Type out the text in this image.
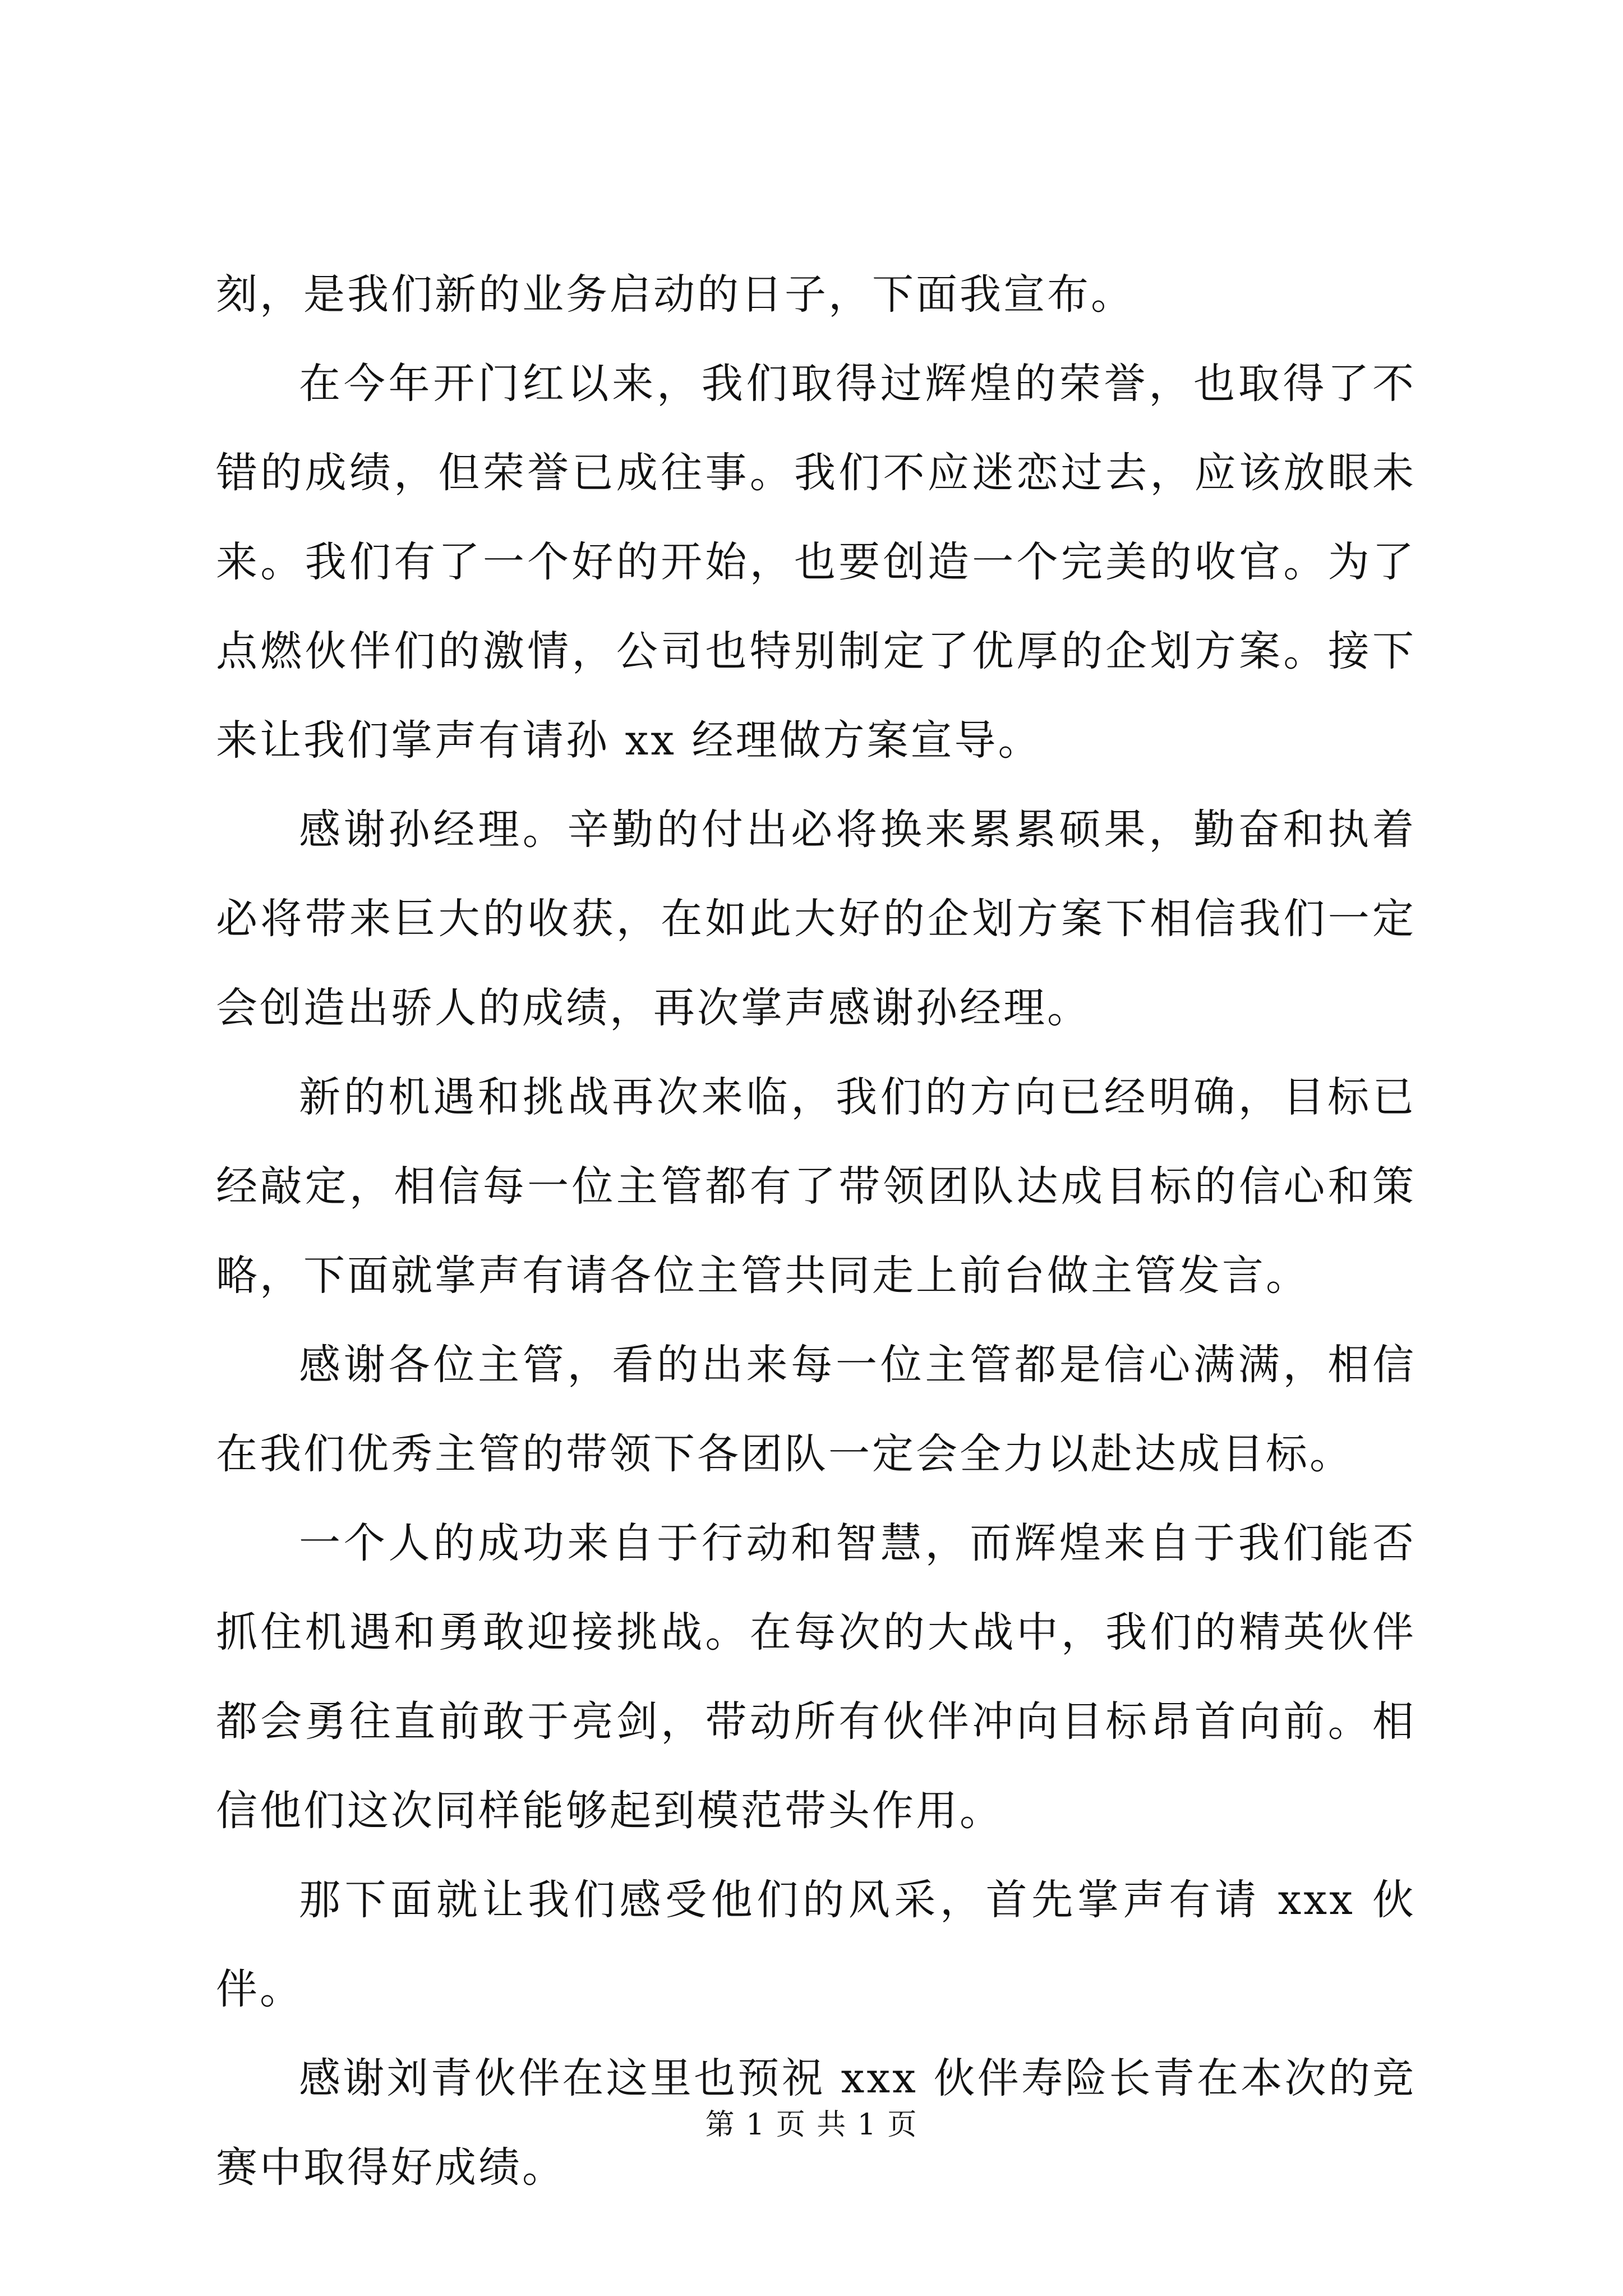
刻，是我们新的业务启动的日子，下面我宣布。

在今年开门红以来，我们取得过辉煌的荣誉，也取得了不错的成绩，但荣誉已成往事。我们不应迷恋过去，应该放眼未来。我们有了一个好的开始，也要创造一个完美的收官。为了点燃伙伴们的激情，公司也特别制定了优厚的企划方案。接下来让我们掌声有请孙 xx 经理做方案宣导。

感谢孙经理。辛勤的付出必将换来累累硕果，勤奋和执着必将带来巨大的收获，在如此大好的企划方案下相信我们一定会创造出骄人的成绩，再次掌声感谢孙经理。

新的机遇和挑战再次来临，我们的方向已经明确，目标已经敲定，相信每一位主管都有了带领团队达成目标的信心和策略，下面就掌声有请各位主管共同走上前台做主管发言。

感谢各位主管，看的出来每一位主管都是信心满满，相信在我们优秀主管的带领下各团队一定会全力以赴达成目标。

一个人的成功来自于行动和智慧，而辉煌来自于我们能否抓住机遇和勇敢迎接挑战。在每次的大战中，我们的精英伙伴都会勇往直前敢于亮剑，带动所有伙伴冲向目标昂首向前。相信他们这次同样能够起到模范带头作用。

那下面就让我们感受他们的风采，首先掌声有请 xxx 伙伴。

感谢刘青伙伴在这里也预祝 xxx 伙伴寿险长青在本次的竞赛中取得好成绩。

第 1 页 共 1 页
